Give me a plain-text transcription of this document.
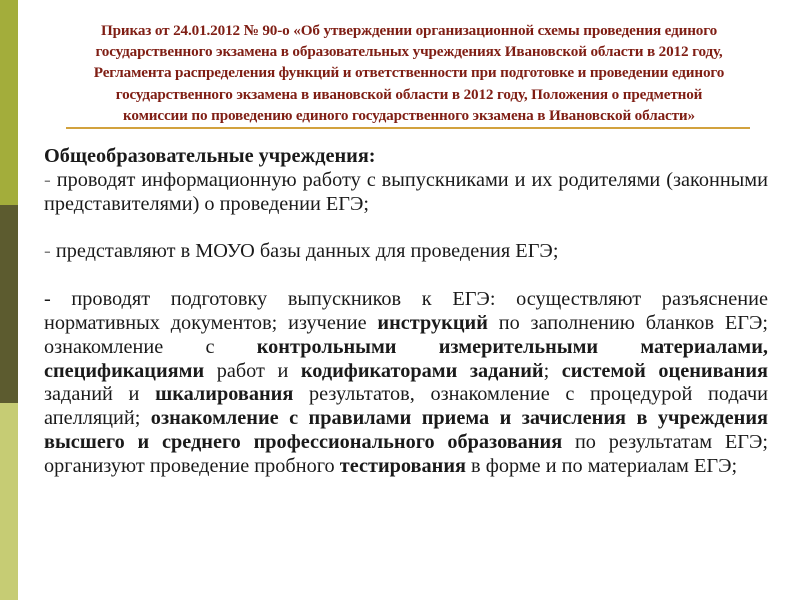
Приказ от 24.01.2012 № 90-о «Об утверждении организационной схемы проведения единого
государственного экзамена в образовательных учреждениях Ивановской области в 2012 году,
Регламента распределения функций и ответственности при подготовке и проведении единого
государственного экзамена в ивановской области в 2012 году, Положения о предметной
комиссии по проведению единого государственного экзамена в Ивановской области»

Общеобразовательные учреждения:

- проводят информационную работу с выпускниками и их родителями (законными представителями) о проведении ЕГЭ;

- представляют в МОУО базы данных для проведения ЕГЭ;

- проводят подготовку выпускников к ЕГЭ: осуществляют разъяснение нормативных документов; изучение инструкций по заполнению бланков ЕГЭ; ознакомление с контрольными измерительными материалами, спецификациями работ и кодификаторами заданий; системой оценивания заданий и шкалирования результатов, ознакомление с процедурой подачи апелляций; ознакомление с правилами приема и зачисления в учреждения высшего и среднего профессионального образования по результатам ЕГЭ; организуют проведение пробного тестирования в форме и по материалам ЕГЭ;
